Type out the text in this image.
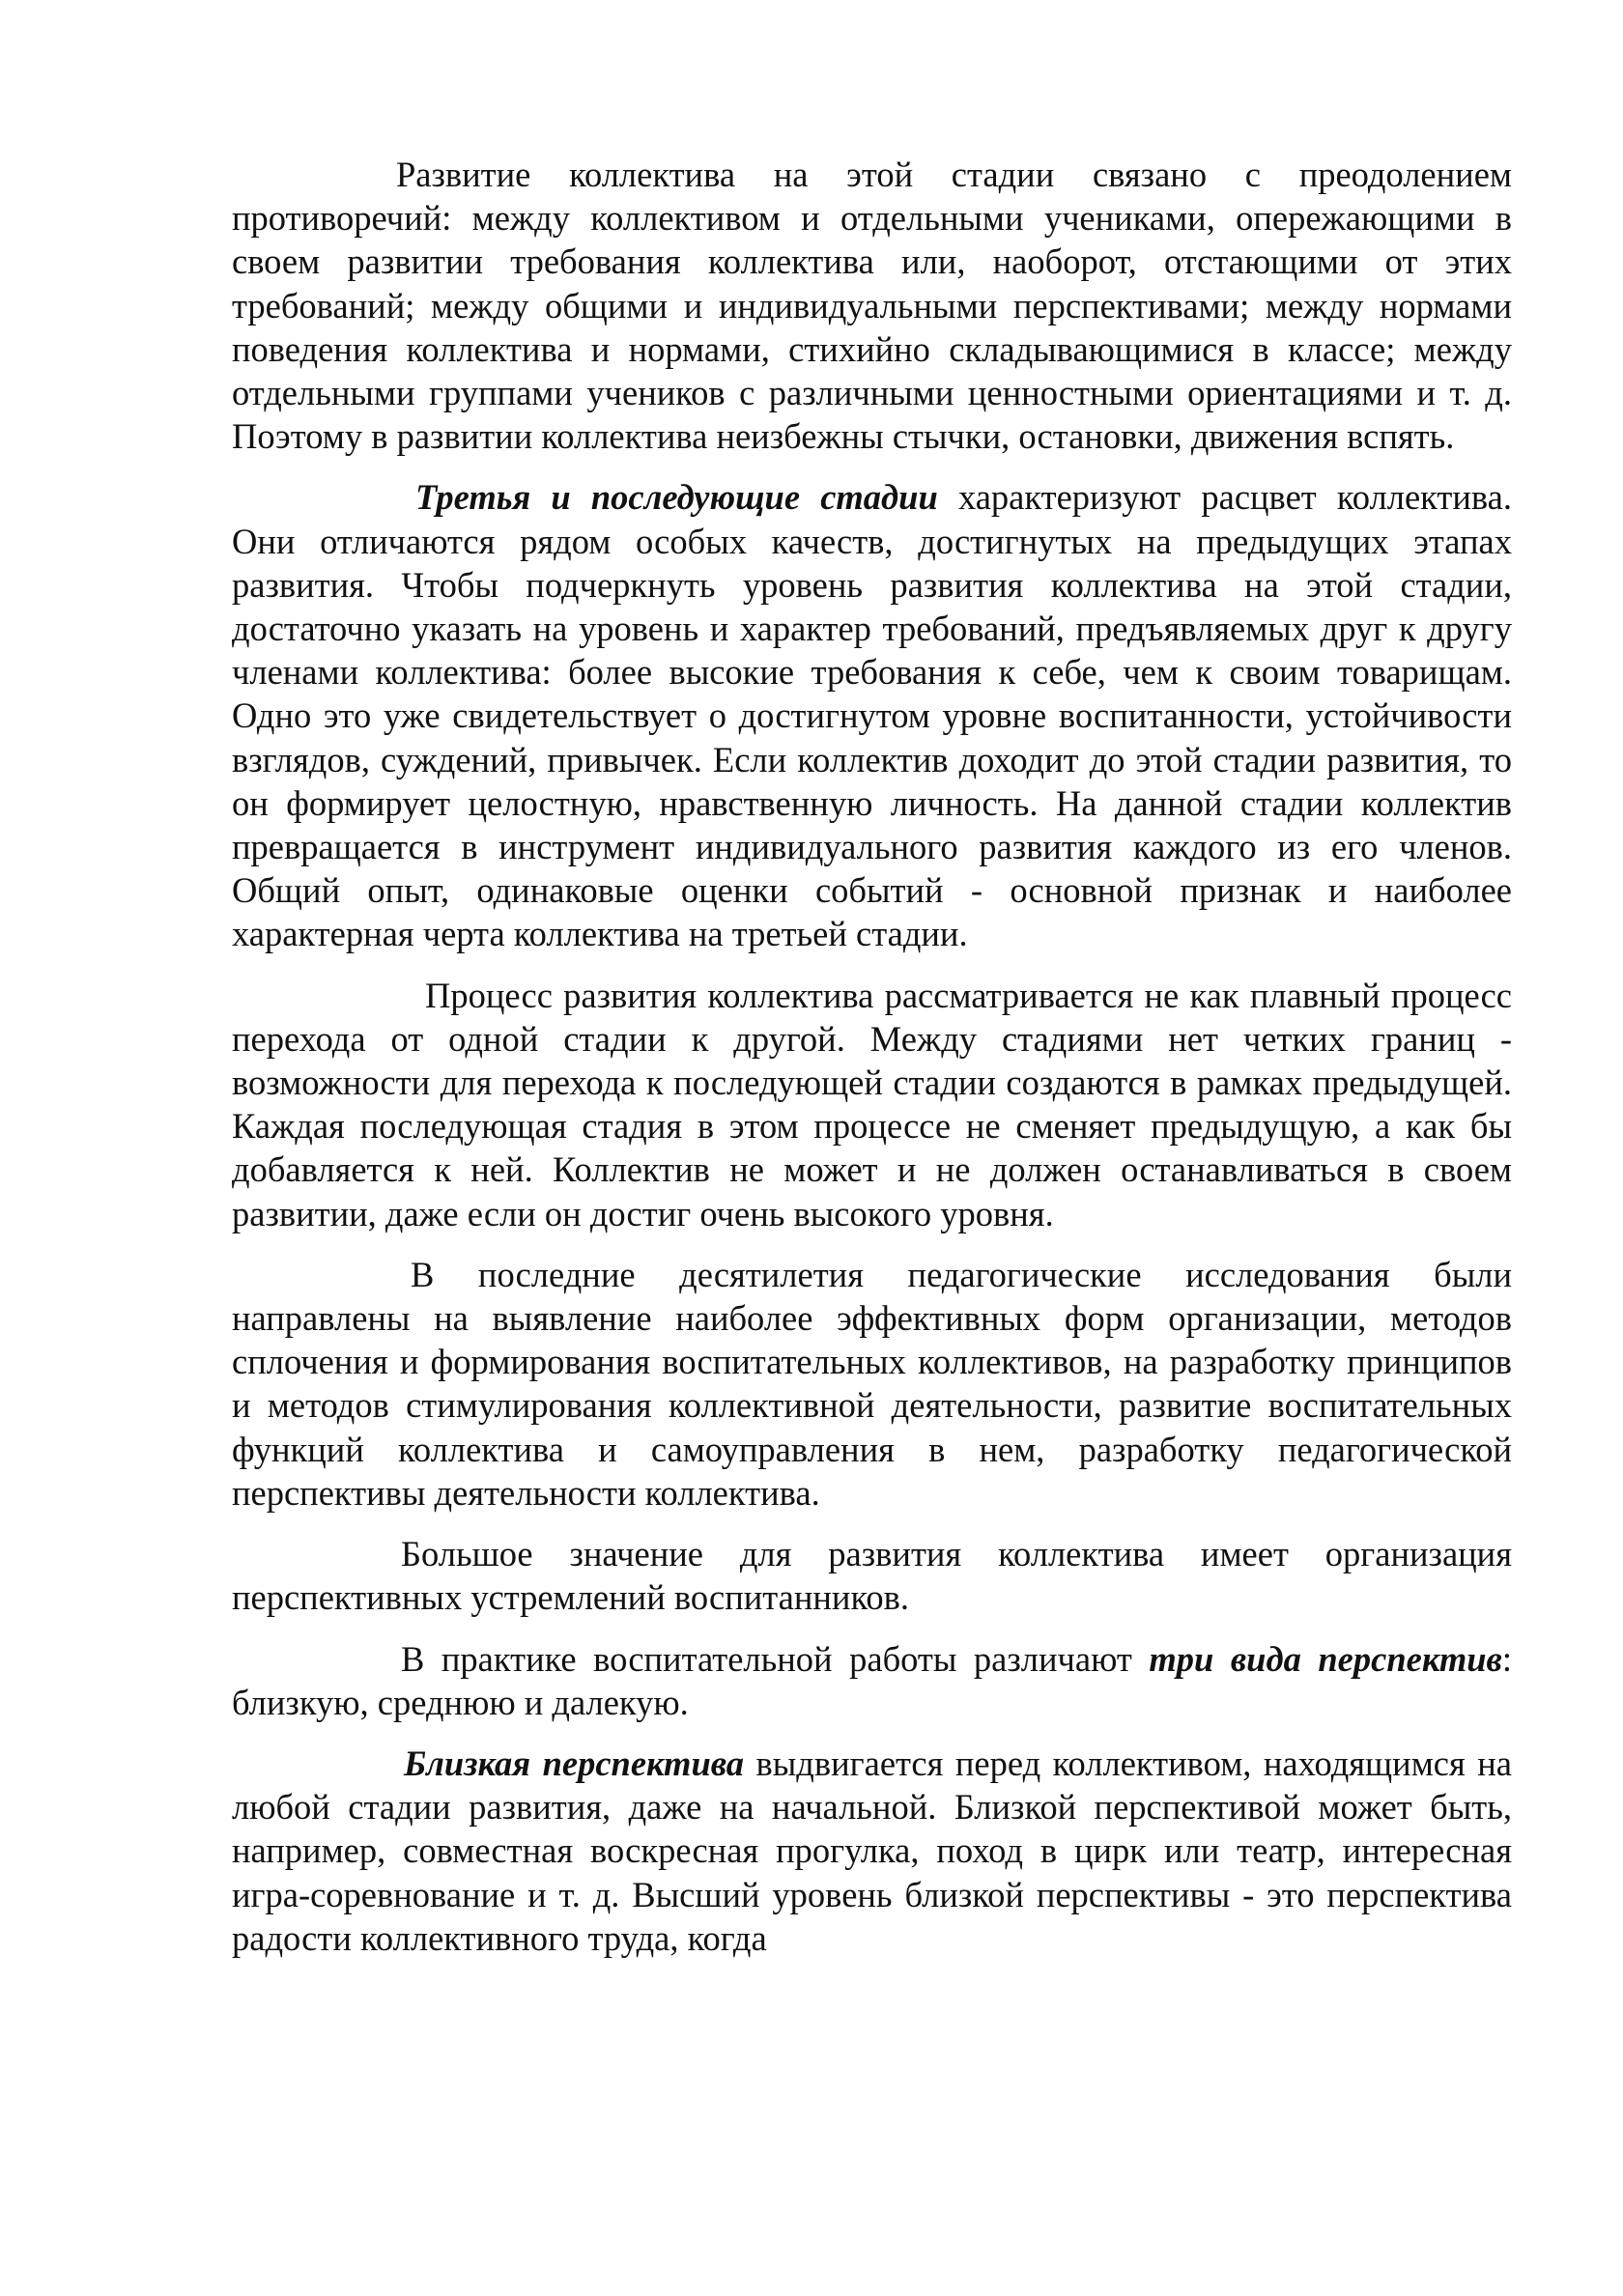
Развитие коллектива на этой стадии связано с преодолением противоречий: между коллективом и отдельными учениками, опережающими в своем развитии требования коллектива или, наоборот, отстающими от этих требований; между общими и индивидуальными перспективами; между нормами поведения коллектива и нормами, стихийно складывающимися в классе; между отдельными группами учеников с различными ценностными ориентациями и т. д. Поэтому в развитии коллектива неизбежны стычки, остановки, движения вспять.

Третья и последующие стадии характеризуют расцвет коллектива. Они отличаются рядом особых качеств, достигнутых на предыдущих этапах развития. Чтобы подчеркнуть уровень развития коллектива на этой стадии, достаточно указать на уровень и характер требований, предъявляемых друг к другу членами коллектива: более высокие требования к себе, чем к своим товарищам. Одно это уже свидетельствует о достигнутом уровне воспитанности, устойчивости взглядов, суждений, привычек. Если коллектив доходит до этой стадии развития, то он формирует целостную, нравственную личность. На данной стадии коллектив превращается в инструмент индивидуального развития каждого из его членов. Общий опыт, одинаковые оценки событий - основной признак и наиболее характерная черта коллектива на третьей стадии.

Процесс развития коллектива рассматривается не как плавный процесс перехода от одной стадии к другой. Между стадиями нет четких границ - возможности для перехода к последующей стадии создаются в рамках предыдущей. Каждая последующая стадия в этом процессе не сменяет предыдущую, а как бы добавляется к ней. Коллектив не может и не должен останавливаться в своем развитии, даже если он достиг очень высокого уровня.

В последние десятилетия педагогические исследования были направлены на выявление наиболее эффективных форм организации, методов сплочения и формирования воспитательных коллективов, на разработку принципов и методов стимулирования коллективной деятельности, развитие воспитательных функций коллектива и самоуправления в нем, разработку педагогической перспективы деятельности коллектива.

Большое значение для развития коллектива имеет организация перспективных устремлений воспитанников.

В практике воспитательной работы различают три вида перспектив: близкую, среднюю и далекую.

Близкая перспектива выдвигается перед коллективом, находящимся на любой стадии развития, даже на начальной. Близкой перспективой может быть, например, совместная воскресная прогулка, поход в цирк или театр, интересная игра-соревнование и т. д. Высший уровень близкой перспективы - это перспектива радости коллективного труда, когда
